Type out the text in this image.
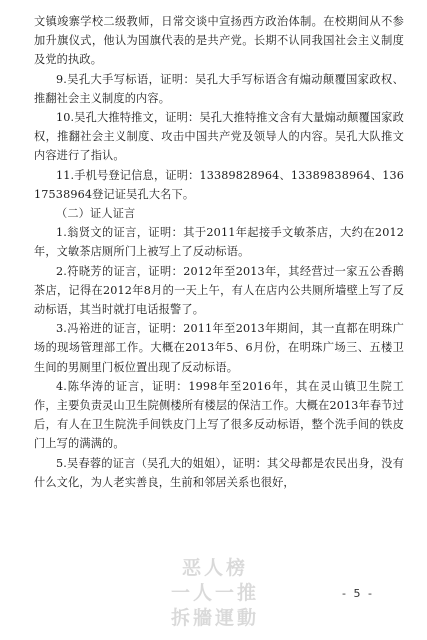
文镇竣寨学校二级教师，日常交谈中宣扬西方政治体制。在校期间从不参加升旗仪式，他认为国旗代表的是共产党。长期不认同我国社会主义制度及党的执政。

9.吴孔大手写标语，证明：吴孔大手写标语含有煽动颠覆国家政权、推翻社会主义制度的内容。

10.吴孔大推特推文，证明：吴孔大推特推文含有大量煽动颠覆国家政权，推翻社会主义制度、攻击中国共产党及领导人的内容。吴孔大队推文内容进行了指认。

11.手机号登记信息，证明：13389828964、13389838964、13617538964登记证吴孔大名下。

（二）证人证言

1.翁贤文的证言，证明：其于2011年起接手文敏茶店，大约在2012年，文敏茶店厕所门上被写上了反动标语。

2.符晓芳的证言，证明：2012年至2013年，其经营过一家五公香鹅茶店，记得在2012年8月的一天上午，有人在店内公共厕所墙壁上写了反动标语，其当时就打电话报警了。

3.冯裕进的证言，证明：2011年至2013年期间，其一直都在明珠广场的现场管理部工作。大概在2013年5、6月份，在明珠广场三、五楼卫生间的男厕里门板位置出现了反动标语。

4.陈华涛的证言，证明：1998年至2016年，其在灵山镇卫生院工作，主要负责灵山卫生院侧楼所有楼层的保洁工作。大概在2013年春节过后，有人在卫生院洗手间铁皮门上写了很多反动标语，整个洗手间的铁皮门上写的满满的。

5.吴春蓉的证言（吴孔大的姐姐），证明：其父母都是农民出身，没有什么文化，为人老实善良，生前和邻居关系也很好，

恶人榜
一人一推
拆牆運動
- 5 -
